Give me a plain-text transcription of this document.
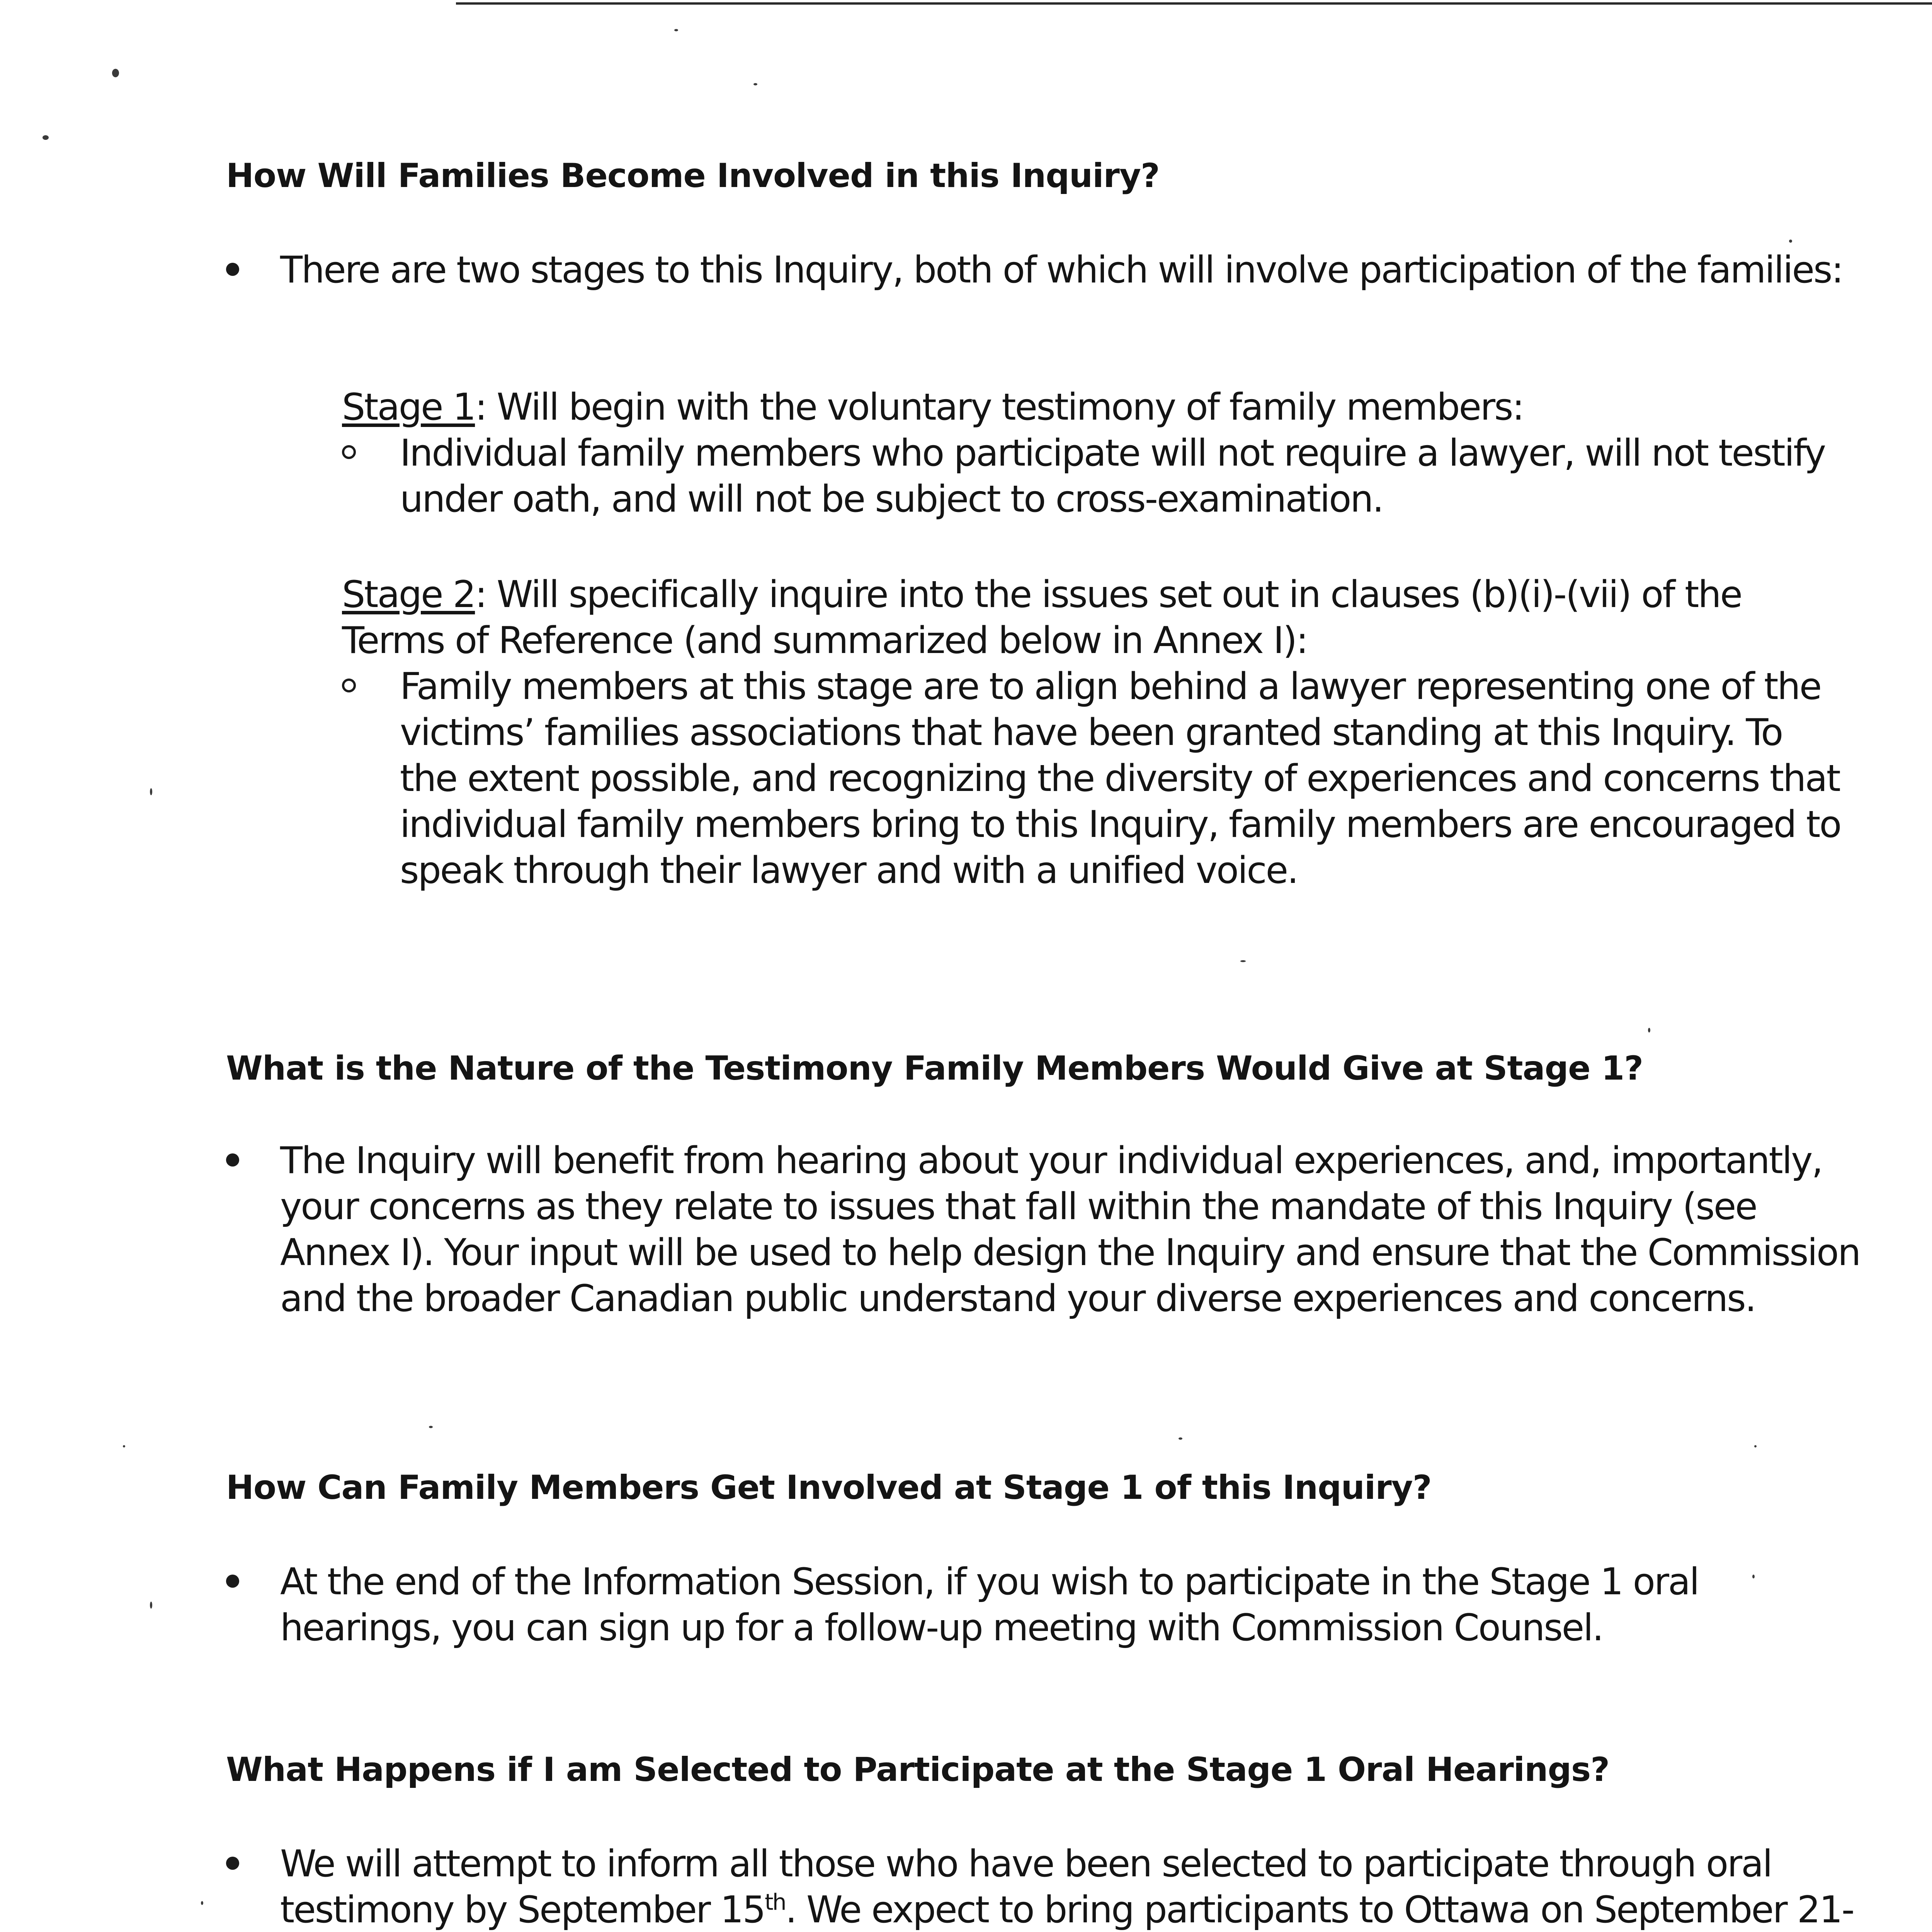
How Will Families Become Involved in this Inquiry?

There are two stages to this Inquiry, both of which will involve participation of the families:

Stage 1: Will begin with the voluntary testimony of family members:

Individual family members who participate will not require a lawyer, will not testify under oath, and will not be subject to cross-examination.

Stage 2: Will specifically inquire into the issues set out in clauses (b)(i)-(vii) of the Terms of Reference (and summarized below in Annex I):

Family members at this stage are to align behind a lawyer representing one of the victims’ families associations that have been granted standing at this Inquiry. To the extent possible, and recognizing the diversity of experiences and concerns that individual family members bring to this Inquiry, family members are encouraged to speak through their lawyer and with a unified voice.

What is the Nature of the Testimony Family Members Would Give at Stage 1?

The Inquiry will benefit from hearing about your individual experiences, and, importantly, your concerns as they relate to issues that fall within the mandate of this Inquiry (see Annex I). Your input will be used to help design the Inquiry and ensure that the Commission and the broader Canadian public understand your diverse experiences and concerns.

How Can Family Members Get Involved at Stage 1 of this Inquiry?

At the end of the Information Session, if you wish to participate in the Stage 1 oral hearings, you can sign up for a follow-up meeting with Commission Counsel.

What Happens if I am Selected to Participate at the Stage 1 Oral Hearings?

We will attempt to inform all those who have been selected to participate through oral testimony by September 15th. We expect to bring participants to Ottawa on September 21-
